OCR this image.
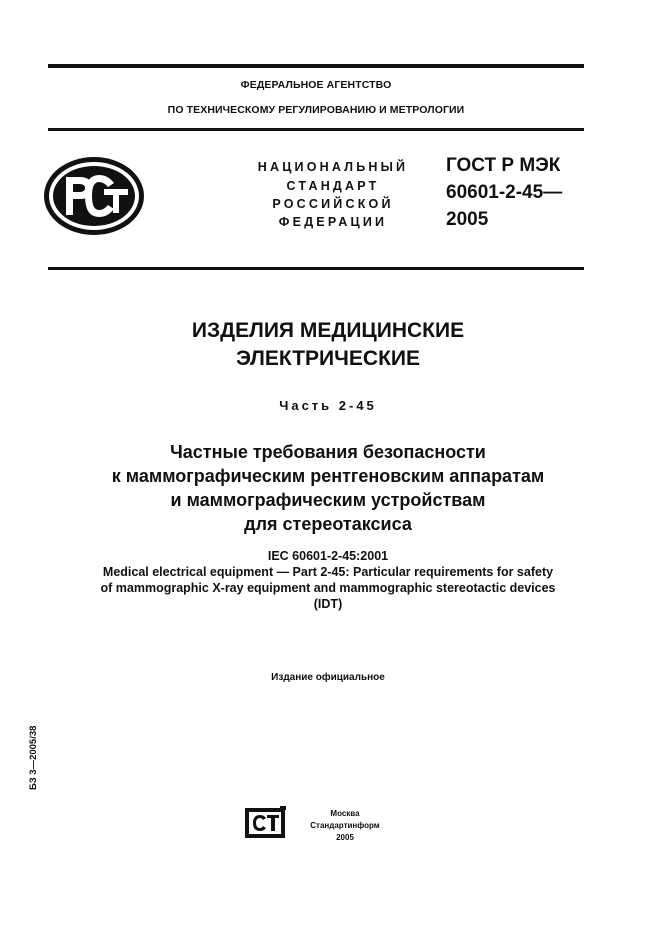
ФЕДЕРАЛЬНОЕ АГЕНТСТВО
ПО ТЕХНИЧЕСКОМУ РЕГУЛИРОВАНИЮ И МЕТРОЛОГИИ
НАЦИОНАЛЬНЫЙ
СТАНДАРТ
РОССИЙСКОЙ
ФЕДЕРАЦИИ
ГОСТ Р МЭК
60601-2-45—
2005
ИЗДЕЛИЯ МЕДИЦИНСКИЕ
ЭЛЕКТРИЧЕСКИЕ
Часть 2-45
Частные требования безопасности
к маммографическим рентгеновским аппаратам
и маммографическим устройствам
для стереотаксиса
IEC 60601-2-45:2001
Medical electrical equipment — Part 2-45: Particular requirements for safety
of mammographic X-ray equipment and mammographic stereotactic devices
(IDT)
Издание официальное
БЗ 3—2005/38
Москва
Стандартинформ
2005
